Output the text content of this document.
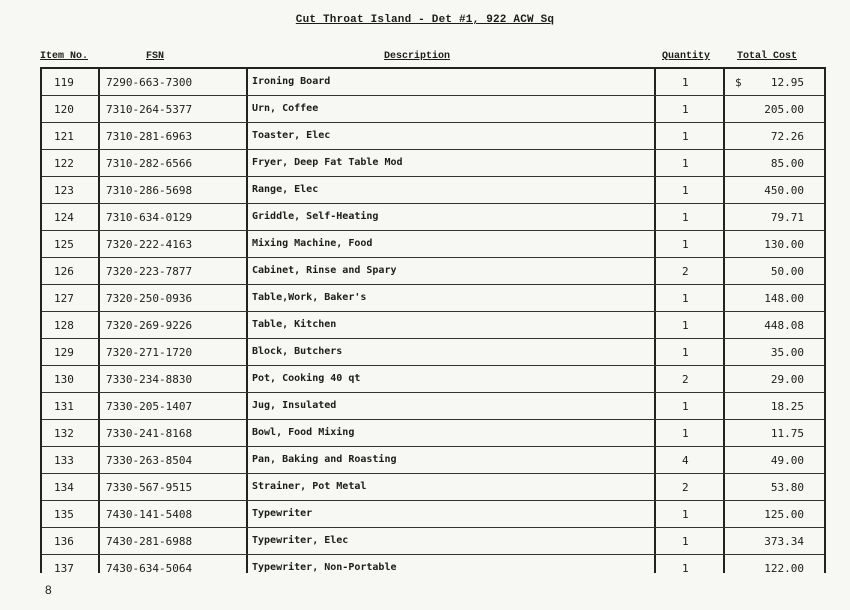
Cut Throat Island - Det #1, 922 ACW Sq
Item No.	FSN	Description	Quantity	Total Cost
119	7290-663-7300	Ironing Board	1	$	12.95
120	7310-264-5377	Urn, Coffee	1	205.00
121	7310-281-6963	Toaster, Elec	1	72.26
122	7310-282-6566	Fryer, Deep Fat Table Mod	1	85.00
123	7310-286-5698	Range, Elec	1	450.00
124	7310-634-0129	Griddle, Self-Heating	1	79.71
125	7320-222-4163	Mixing Machine, Food	1	130.00
126	7320-223-7877	Cabinet, Rinse and Spary	2	50.00
127	7320-250-0936	Table,Work, Baker's	1	148.00
128	7320-269-9226	Table, Kitchen	1	448.08
129	7320-271-1720	Block, Butchers	1	35.00
130	7330-234-8830	Pot, Cooking 40 qt	2	29.00
131	7330-205-1407	Jug, Insulated	1	18.25
132	7330-241-8168	Bowl, Food Mixing	1	11.75
133	7330-263-8504	Pan, Baking and Roasting	4	49.00
134	7330-567-9515	Strainer, Pot Metal	2	53.80
135	7430-141-5408	Typewriter	1	125.00
136	7430-281-6988	Typewriter, Elec	1	373.34
137	7430-634-5064	Typewriter, Non-Portable	1	122.00
8
